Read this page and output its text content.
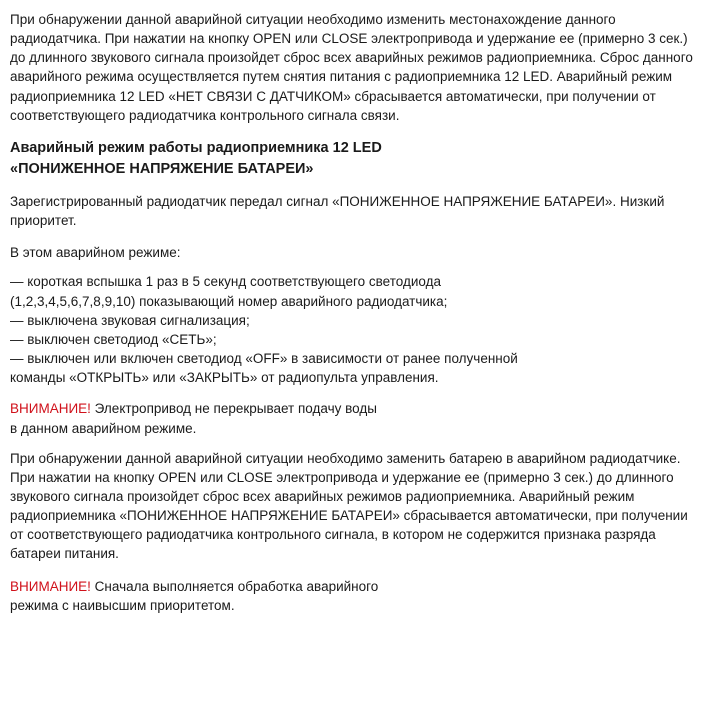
При обнаружении данной аварийной ситуации необходимо изменить местонахождение данного радиодатчика. При нажатии на кнопку OPEN или CLOSE электропривода и удержание ее (примерно 3 сек.) до длинного звукового сигнала произойдет сброс всех аварийных режимов радиоприемника. Сброс данного аварийного режима осуществляется путем снятия питания с радиоприемника 12 LED. Аварийный режим радиоприемника 12 LED «НЕТ СВЯЗИ С ДАТЧИКОМ» сбрасывается автоматически, при получении от соответствующего радиодатчика контрольного сигнала связи.

Аварийный режим работы радиоприемника 12 LED
«ПОНИЖЕННОЕ НАПРЯЖЕНИЕ БАТАРЕИ»

Зарегистрированный радиодатчик передал сигнал «ПОНИЖЕННОЕ НАПРЯЖЕНИЕ БАТАРЕИ». Низкий приоритет.

В этом аварийном режиме:

— короткая вспышка 1 раз в 5 секунд соответствующего светодиода
(1,2,3,4,5,6,7,8,9,10) показывающий номер аварийного радиодатчика;
— выключена звуковая сигнализация;
— выключен светодиод «СЕТЬ»;
— выключен или включен светодиод «OFF» в зависимости от ранее полученной
команды «ОТКРЫТЬ» или «ЗАКРЫТЬ» от радиопульта управления.
ВНИМАНИЕ! Электропривод не перекрывает подачу воды
в данном аварийном режиме.

При обнаружении данной аварийной ситуации необходимо заменить батарею в аварийном радиодатчике. При нажатии на кнопку OPEN или CLOSE электропривода и удержание ее (примерно 3 сек.) до длинного звукового сигнала произойдет сброс всех аварийных режимов радиоприемника. Аварийный режим радиоприемника «ПОНИЖЕННОЕ НАПРЯЖЕНИЕ БАТАРЕИ» сбрасывается автоматически, при получении от соответствующего радиодатчика контрольного сигнала, в котором не содержится признака разряда батареи питания.

ВНИМАНИЕ! Сначала выполняется обработка аварийного
режима с наивысшим приоритетом.
